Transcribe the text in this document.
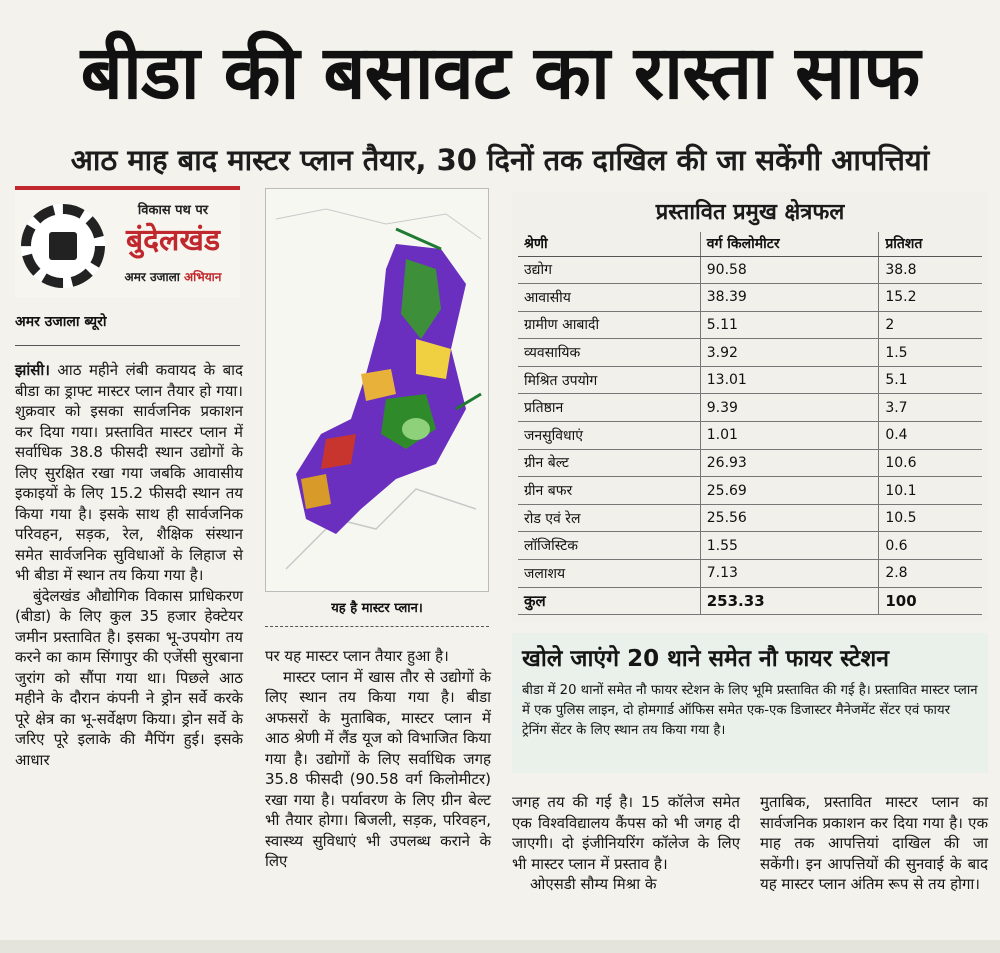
बीडा की बसावट का रास्ता साफ
आठ माह बाद मास्टर प्लान तैयार, 30 दिनों तक दाखिल की जा सकेंगी आपत्तियां
विकास पथ पर
बुंदेलखंड
अमर उजाला अभियान
अमर उजाला ब्यूरो

झांसी। आठ महीने लंबी कवायद के बाद बीडा का ड्राफ्ट मास्टर प्लान तैयार हो गया। शुक्रवार को इसका सार्वजनिक प्रकाशन कर दिया गया। प्रस्तावित मास्टर प्लान में सर्वाधिक 38.8 फीसदी स्थान उद्योगों के लिए सुरक्षित रखा गया जबकि आवासीय इकाइयों के लिए 15.2 फीसदी स्थान तय किया गया है। इसके साथ ही सार्वजनिक परिवहन, सड़क, रेल, शैक्षिक संस्थान समेत सार्वजनिक सुविधाओं के लिहाज से भी बीडा में स्थान तय किया गया है।

बुंदेलखंड औद्योगिक विकास प्राधिकरण (बीडा) के लिए कुल 35 हजार हेक्टेयर जमीन प्रस्तावित है। इसका भू-उपयोग तय करने का काम सिंगापुर की एजेंसी सुरबाना जुरांग को सौंपा गया था। पिछले आठ महीने के दौरान कंपनी ने ड्रोन सर्वे करके पूरे क्षेत्र का भू-सर्वेक्षण किया। ड्रोन सर्वे के जरिए पूरे इलाके की मैपिंग हुई। इसके आधार

यह है मास्टर प्लान।

पर यह मास्टर प्लान तैयार हुआ है।

मास्टर प्लान में खास तौर से उद्योगों के लिए स्थान तय किया गया है। बीडा अफसरों के मुताबिक, मास्टर प्लान में आठ श्रेणी में लैंड यूज को विभाजित किया गया है। उद्योगों के लिए सर्वाधिक जगह 35.8 फीसदी (90.58 वर्ग किलोमीटर) रखा गया है। पर्यावरण के लिए ग्रीन बेल्ट भी तैयार होगा। बिजली, सड़क, परिवहन, स्वास्थ्य सुविधाएं भी उपलब्ध कराने के लिए

प्रस्तावित प्रमुख क्षेत्रफल
श्रेणी	वर्ग किलोमीटर	प्रतिशत
उद्योग	90.58	38.8
आवासीय	38.39	15.2
ग्रामीण आबादी	5.11	2
व्यवसायिक	3.92	1.5
मिश्रित उपयोग	13.01	5.1
प्रतिष्ठान	9.39	3.7
जनसुविधाएं	1.01	0.4
ग्रीन बेल्ट	26.93	10.6
ग्रीन बफर	25.69	10.1
रोड एवं रेल	25.56	10.5
लॉजिस्टिक	1.55	0.6
जलाशय	7.13	2.8
कुल	253.33	100
खोले जाएंगे 20 थाने समेत नौ फायर स्टेशन
बीडा में 20 थानों समेत नौ फायर स्टेशन के लिए भूमि प्रस्तावित की गई है। प्रस्तावित मास्टर प्लान में एक पुलिस लाइन, दो होमगार्ड ऑफिस समेत एक-एक डिजास्टर मैनेजमेंट सेंटर एवं फायर ट्रेनिंग सेंटर के लिए स्थान तय किया गया है।

जगह तय की गई है। 15 कॉलेज समेत एक विश्वविद्यालय कैंपस को भी जगह दी जाएगी। दो इंजीनियरिंग कॉलेज के लिए भी मास्टर प्लान में प्रस्ताव है।

ओएसडी सौम्य मिश्रा के

मुताबिक, प्रस्तावित मास्टर प्लान का सार्वजनिक प्रकाशन कर दिया गया है। एक माह तक आपत्तियां दाखिल की जा सकेंगी। इन आपत्तियों की सुनवाई के बाद यह मास्टर प्लान अंतिम रूप से तय होगा।
